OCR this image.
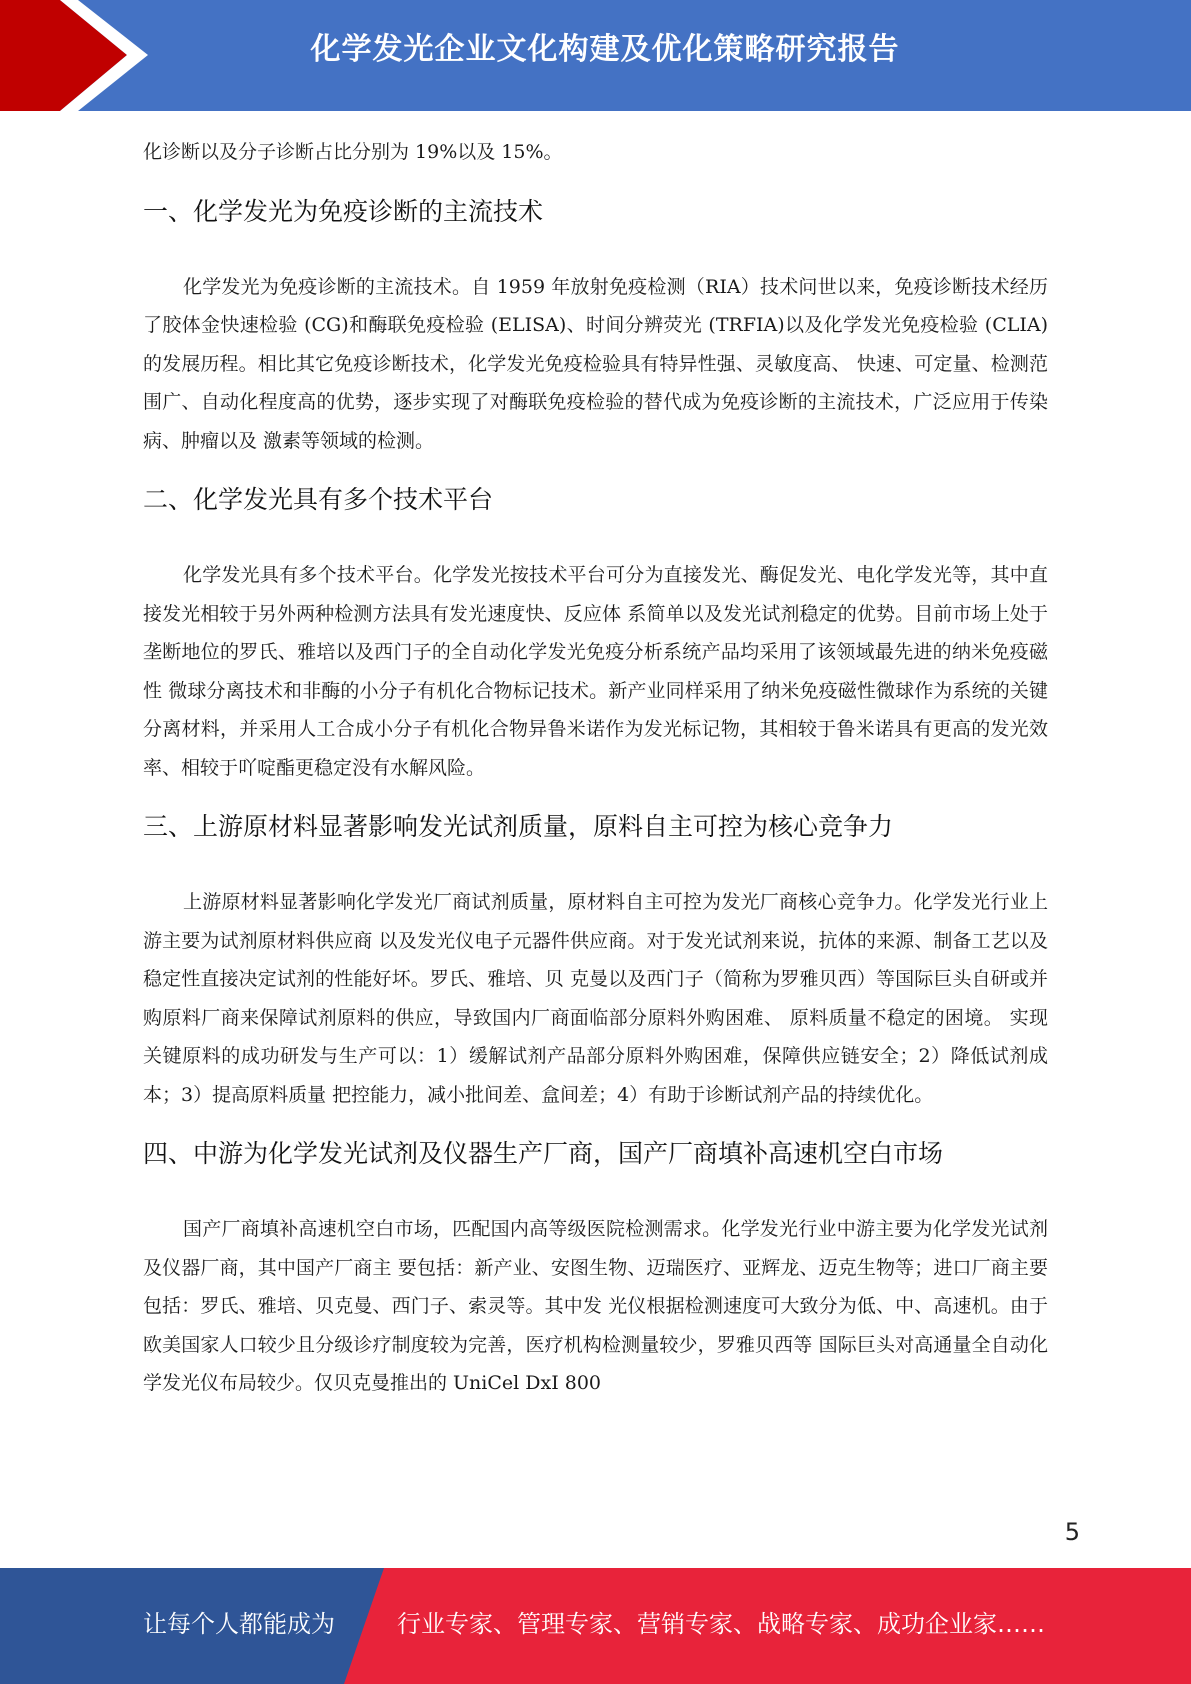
化学发光企业文化构建及优化策略研究报告

化诊断以及分子诊断占比分别为 19%以及 15%。

一、化学发光为免疫诊断的主流技术

化学发光为免疫诊断的主流技术。自 1959 年放射免疫检测（RIA）技术问世以来，免疫诊断技术经历了胶体金快速检验 (CG)和酶联免疫检验 (ELISA)、时间分辨荧光 (TRFIA)以及化学发光免疫检验 (CLIA)的发展历程。相比其它免疫诊断技术，化学发光免疫检验具有特异性强、灵敏度高、 快速、可定量、检测范围广、自动化程度高的优势，逐步实现了对酶联免疫检验的替代成为免疫诊断的主流技术，广泛应用于传染病、肿瘤以及 激素等领域的检测。

二、化学发光具有多个技术平台

化学发光具有多个技术平台。化学发光按技术平台可分为直接发光、酶促发光、电化学发光等，其中直接发光相较于另外两种检测方法具有发光速度快、反应体 系简单以及发光试剂稳定的优势。目前市场上处于垄断地位的罗氏、雅培以及西门子的全自动化学发光免疫分析系统产品均采用了该领域最先进的纳米免疫磁性 微球分离技术和非酶的小分子有机化合物标记技术。新产业同样采用了纳米免疫磁性微球作为系统的关键分离材料，并采用人工合成小分子有机化合物异鲁米诺作为发光标记物，其相较于鲁米诺具有更高的发光效率、相较于吖啶酯更稳定没有水解风险。

三、上游原材料显著影响发光试剂质量，原料自主可控为核心竞争力

上游原材料显著影响化学发光厂商试剂质量，原材料自主可控为发光厂商核心竞争力。化学发光行业上游主要为试剂原材料供应商 以及发光仪电子元器件供应商。对于发光试剂来说，抗体的来源、制备工艺以及稳定性直接决定试剂的性能好坏。罗氏、雅培、贝 克曼以及西门子（简称为罗雅贝西）等国际巨头自研或并购原料厂商来保障试剂原料的供应，导致国内厂商面临部分原料外购困难、 原料质量不稳定的困境。 实现关键原料的成功研发与生产可以：1）缓解试剂产品部分原料外购困难，保障供应链安全；2）降低试剂成本；3）提高原料质量 把控能力，减小批间差、盒间差；4）有助于诊断试剂产品的持续优化。

四、中游为化学发光试剂及仪器生产厂商，国产厂商填补高速机空白市场

国产厂商填补高速机空白市场，匹配国内高等级医院检测需求。化学发光行业中游主要为化学发光试剂及仪器厂商，其中国产厂商主 要包括：新产业、安图生物、迈瑞医疗、亚辉龙、迈克生物等；进口厂商主要包括：罗氏、雅培、贝克曼、西门子、索灵等。其中发 光仪根据检测速度可大致分为低、中、高速机。由于欧美国家人口较少且分级诊疗制度较为完善，医疗机构检测量较少，罗雅贝西等 国际巨头对高通量全自动化学发光仪布局较少。仅贝克曼推出的 UniCel DxI 800

5
让每个人都能成为	行业专家、管理专家、营销专家、战略专家、成功企业家……
